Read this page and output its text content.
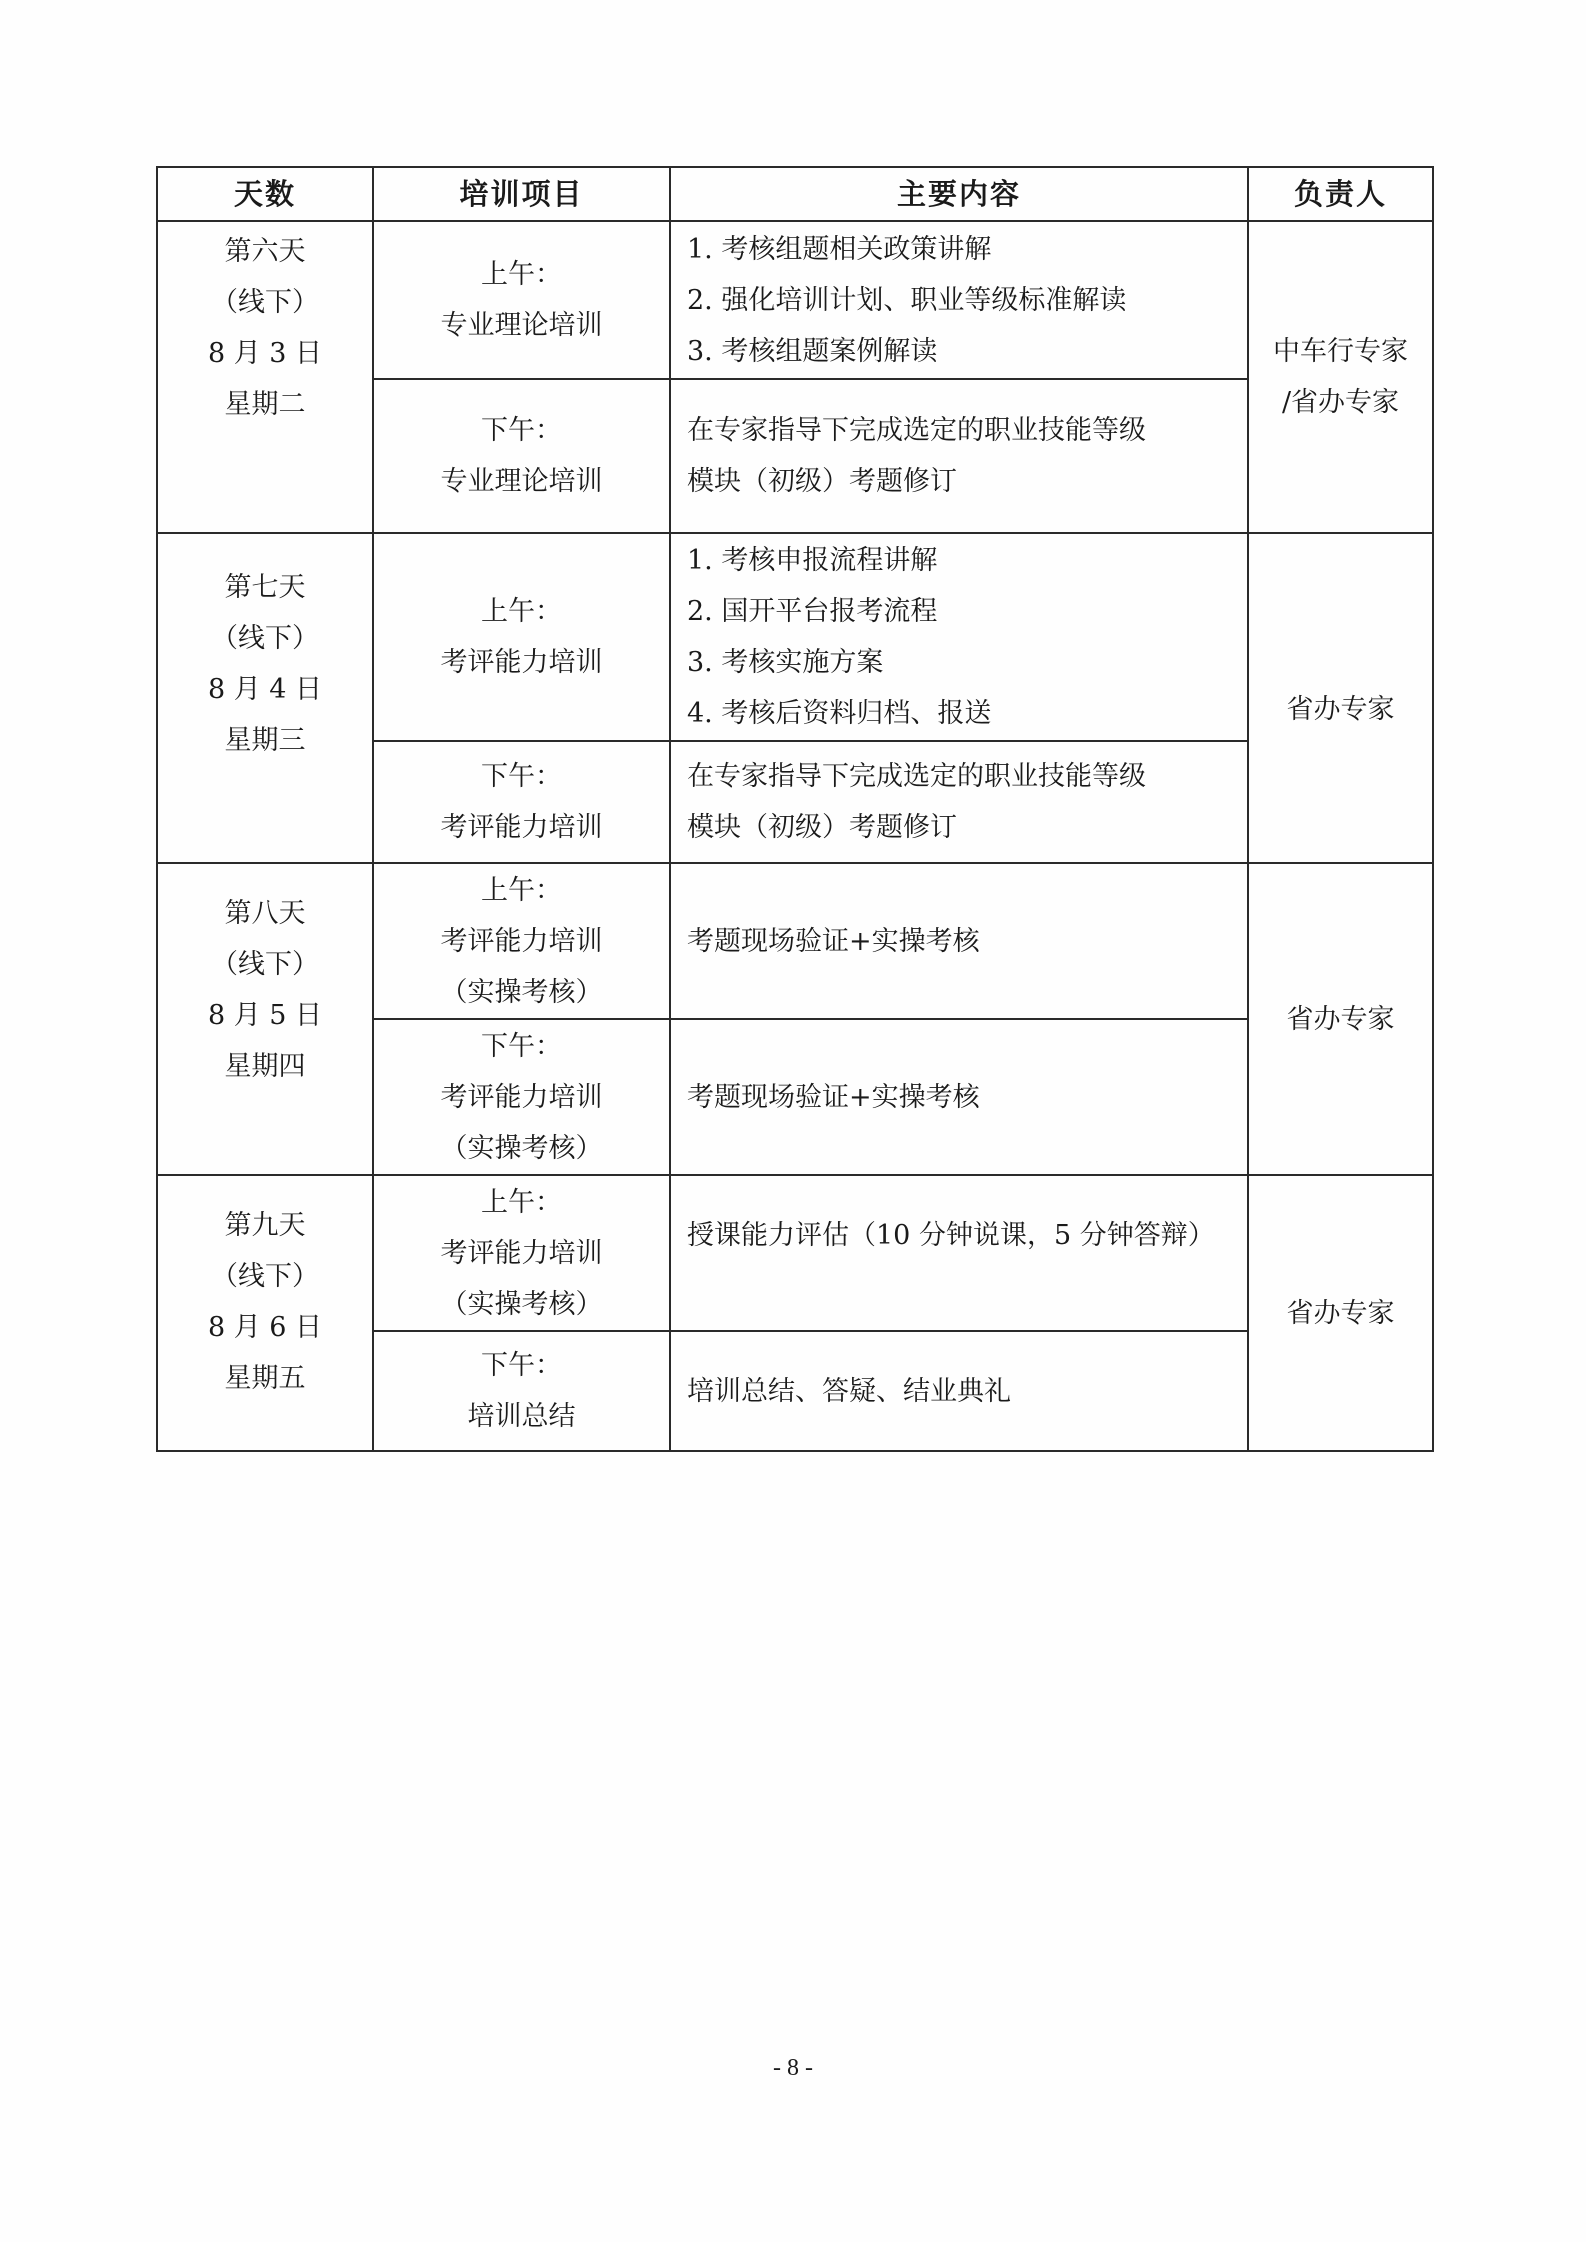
天数	培训项目	主要内容	负责人

第六天
（线下）
8 月 3 日
星期二	上午：
专业理论培训	1. 考核组题相关政策讲解
2. 强化培训计划、职业等级标准解读
3. 考核组题案例解读	中车行专家
/省办专家

	下午：
专业理论培训	在专家指导下完成选定的职业技能等级
模块（初级）考题修订	

第七天
（线下）
8 月 4 日
星期三	上午：
考评能力培训	1. 考核申报流程讲解
2. 国开平台报考流程
3. 考核实施方案
4. 考核后资料归档、报送	省办专家

	下午：
考评能力培训	在专家指导下完成选定的职业技能等级
模块（初级）考题修订	

第八天
（线下）
8 月 5 日
星期四	上午：
考评能力培训
（实操考核）	考题现场验证+实操考核	省办专家

	下午：
考评能力培训
（实操考核）	考题现场验证+实操考核	

第九天
（线下）
8 月 6 日
星期五	上午：
考评能力培训
（实操考核）	授课能力评估（10 分钟说课，5 分钟答辩）	省办专家

	下午：
培训总结	培训总结、答疑、结业典礼	
- 8 -
